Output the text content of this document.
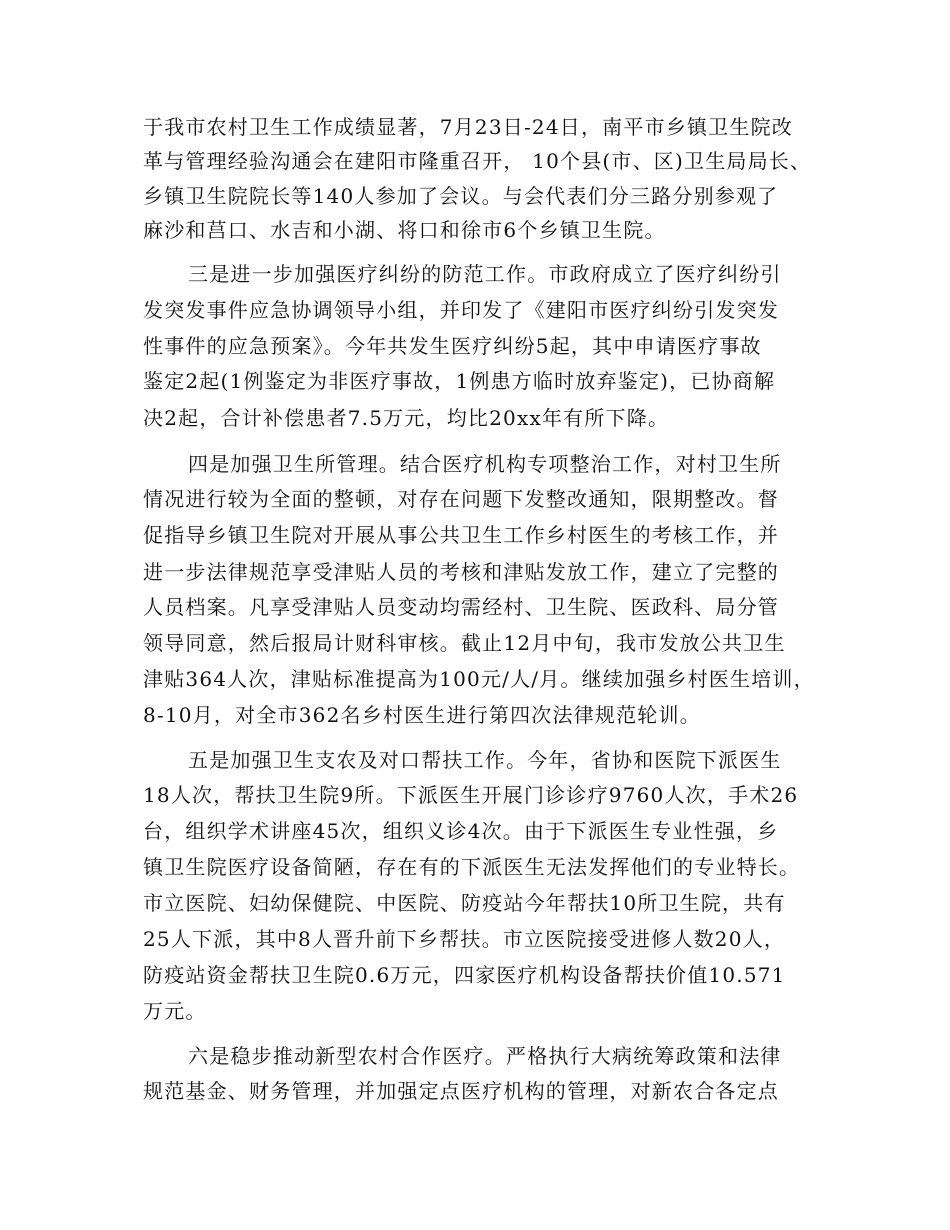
于我市农村卫生工作成绩显著，7月23日-24日，南平市乡镇卫生院改
革与管理经验沟通会在建阳市隆重召开， 10个县(市、区)卫生局局长、
乡镇卫生院院长等140人参加了会议。与会代表们分三路分别参观了
麻沙和莒口、水吉和小湖、将口和徐市6个乡镇卫生院。
三是进一步加强医疗纠纷的防范工作。市政府成立了医疗纠纷引
发突发事件应急协调领导小组，并印发了《建阳市医疗纠纷引发突发
性事件的应急预案》。今年共发生医疗纠纷5起，其中申请医疗事故
鉴定2起(1例鉴定为非医疗事故，1例患方临时放弃鉴定)，已协商解
决2起，合计补偿患者7.5万元，均比20xx年有所下降。
四是加强卫生所管理。结合医疗机构专项整治工作，对村卫生所
情况进行较为全面的整顿，对存在问题下发整改通知，限期整改。督
促指导乡镇卫生院对开展从事公共卫生工作乡村医生的考核工作，并
进一步法律规范享受津贴人员的考核和津贴发放工作，建立了完整的
人员档案。凡享受津贴人员变动均需经村、卫生院、医政科、局分管
领导同意，然后报局计财科审核。截止12月中旬，我市发放公共卫生
津贴364人次，津贴标准提高为100元/人/月。继续加强乡村医生培训，
8-10月，对全市362名乡村医生进行第四次法律规范轮训。
五是加强卫生支农及对口帮扶工作。今年，省协和医院下派医生
18人次，帮扶卫生院9所。下派医生开展门诊诊疗9760人次，手术26
台，组织学术讲座45次，组织义诊4次。由于下派医生专业性强，乡
镇卫生院医疗设备简陋，存在有的下派医生无法发挥他们的专业特长。
市立医院、妇幼保健院、中医院、防疫站今年帮扶10所卫生院，共有
25人下派，其中8人晋升前下乡帮扶。市立医院接受进修人数20人，
防疫站资金帮扶卫生院0.6万元，四家医疗机构设备帮扶价值10.571
万元。
六是稳步推动新型农村合作医疗。严格执行大病统筹政策和法律
规范基金、财务管理，并加强定点医疗机构的管理，对新农合各定点
